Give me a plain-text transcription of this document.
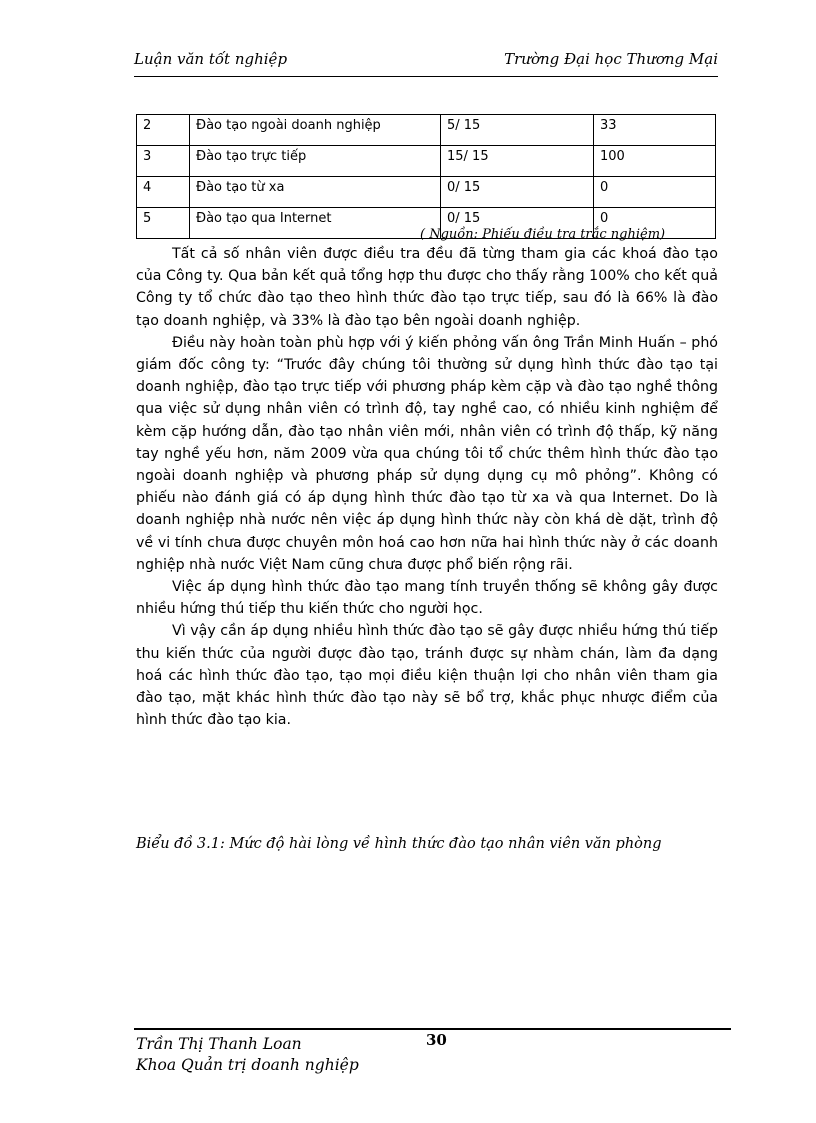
Luận văn tốt nghiệp	Trường Đại học Thương Mại
2	Đào tạo ngoài doanh nghiệp	5/ 15	33
3	Đào tạo trực tiếp	15/ 15	100
4	Đào tạo từ xa	0/ 15	0
5	Đào tạo qua Internet	0/ 15	0
( Nguồn: Phiếu điều tra trắc nghiệm)

Tất cả số nhân viên được điều tra đều đã từng tham gia các khoá đào tạo của Công ty. Qua bản kết quả tổng hợp thu được cho thấy rằng 100% cho kết quả Công ty tổ chức đào tạo theo hình thức đào tạo trực tiếp, sau đó là 66% là đào tạo doanh nghiệp, và 33% là đào tạo bên ngoài doanh nghiệp.

Điều này hoàn toàn phù hợp với ý kiến phỏng vấn ông Trần Minh Huấn – phó giám đốc công ty: “Trước đây chúng tôi thường sử dụng hình thức đào tạo tại doanh nghiệp, đào tạo trực tiếp với phương pháp kèm cặp và đào tạo nghề thông qua việc sử dụng nhân viên có trình độ, tay nghề cao, có nhiều kinh nghiệm để kèm cặp hướng dẫn, đào tạo nhân viên mới, nhân viên có trình độ thấp, kỹ năng tay nghề yếu hơn, năm 2009 vừa qua chúng tôi tổ chức thêm hình thức đào tạo ngoài doanh nghiệp và phương pháp sử dụng dụng cụ mô phỏng”. Không có phiếu nào đánh giá có áp dụng hình thức đào tạo từ xa và qua Internet. Do là doanh nghiệp nhà nước nên việc áp dụng hình thức này còn khá dè dặt, trình độ về vi tính chưa được chuyên môn hoá cao hơn nữa hai hình thức này ở các doanh nghiệp nhà nước Việt Nam cũng chưa được phổ biến rộng rãi.

Việc áp dụng hình thức đào tạo mang tính truyền thống sẽ không gây được nhiều hứng thú tiếp thu kiến thức cho người học.

Vì vậy cần áp dụng nhiều hình thức đào tạo sẽ gây được nhiều hứng thú tiếp thu kiến thức của người được đào tạo, tránh được sự nhàm chán, làm đa dạng hoá các hình thức đào tạo, tạo mọi điều kiện thuận lợi cho nhân viên tham gia đào tạo, mặt khác hình thức đào tạo này sẽ bổ trợ, khắc phục nhược điểm của hình thức đào tạo kia.

Biểu đồ 3.1: Mức độ hài lòng về hình thức đào tạo nhân viên văn phòng
Trần Thị Thanh Loan
Khoa Quản trị doanh nghiệp
30
